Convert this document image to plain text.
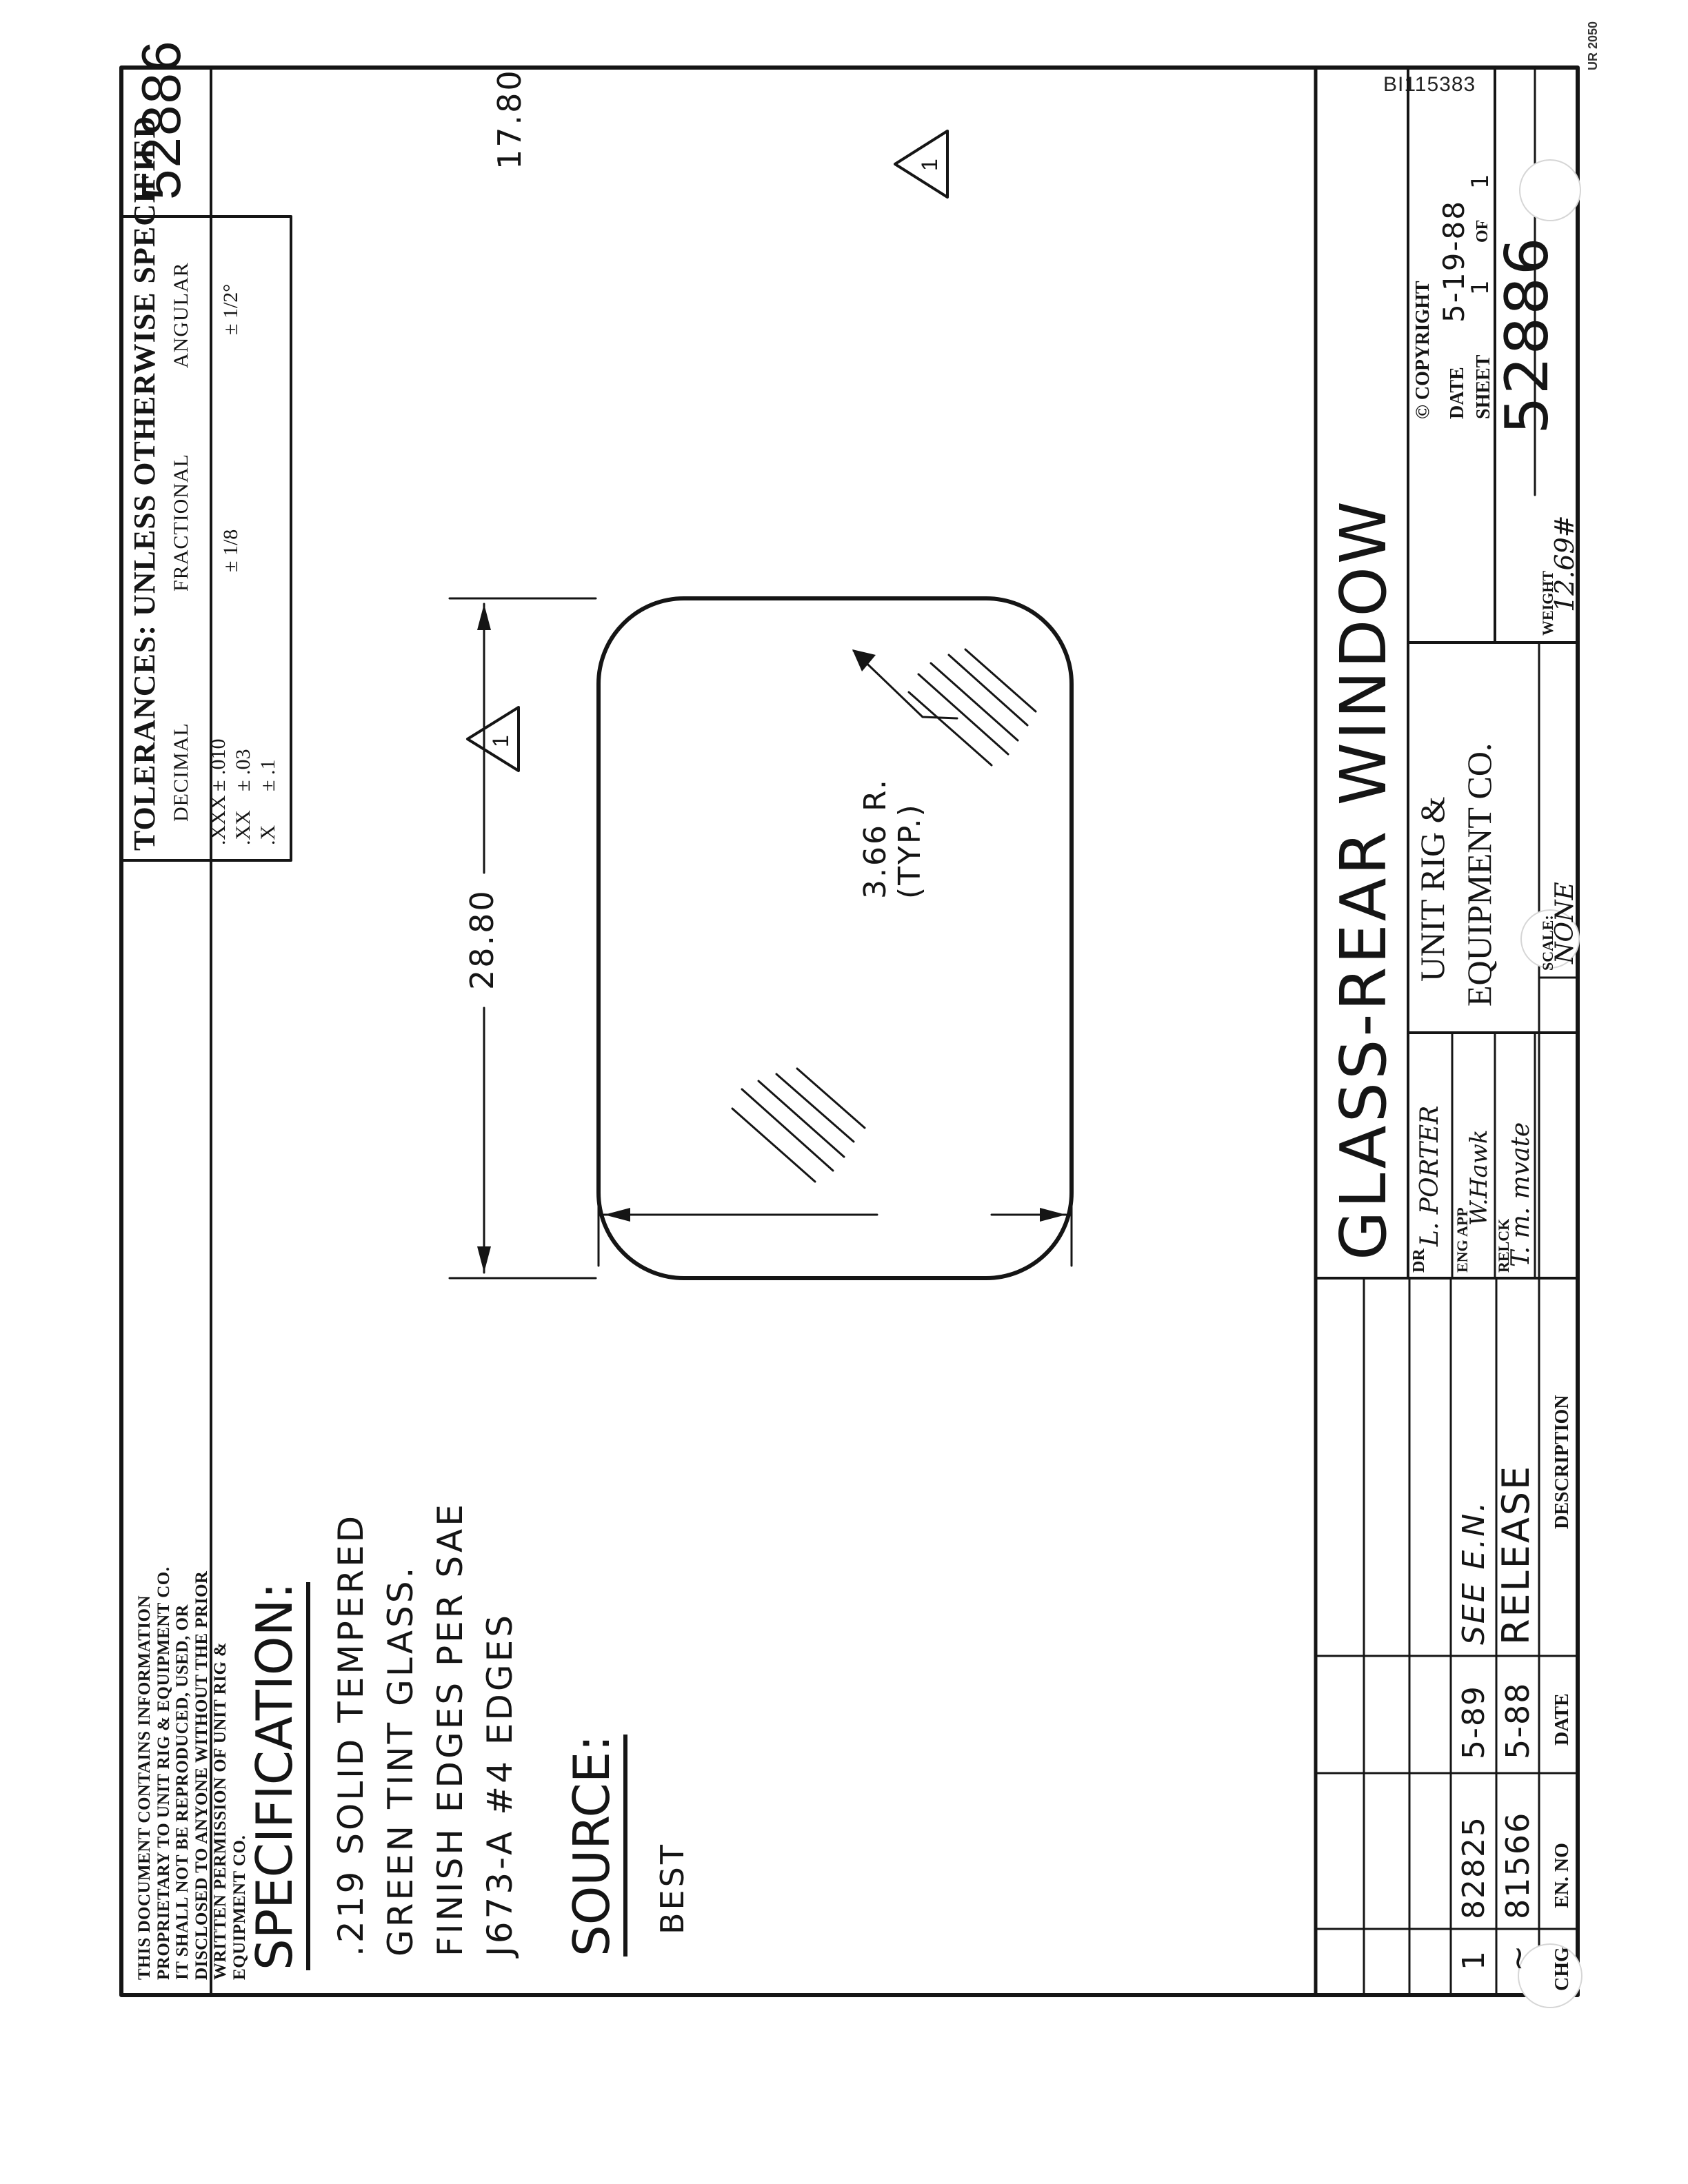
BI115383
UR 2050
THIS DOCUMENT CONTAINS INFORMATION PROPRIETARY TO UNIT RIG & EQUIPMENT CO. IT SHALL NOT BE REPRODUCED, USED, OR DISCLOSED TO ANYONE WITHOUT THE PRIOR WRITTEN PERMISSION OF UNIT RIG & EQUIPMENT CO.
TOLERANCES: UNLESS OTHERWISE SPECIFIED DECIMAL
FRACTIONAL
ANGULAR
.XXX
± .010
.XX
± .03
.X
± .1
± 1/8
± 1/2°
52886
SPECIFICATION: .219 SOLID TEMPERED GREEN TINT GLASS. FINISH EDGES PER SAE J673-A #4 EDGES SOURCE: BEST
28.80
17.80
3.66 R. (TYP.)
1
1
CHG
EN. NO
DATE
DESCRIPTION
~
81566
5-88
RELEASE
1
82825
5-89
SEE E.N.
GLASS-REAR WINDOW
DR
L. PORTER ENG APP
W.Hawk
RELCK
T. m. mvate
UNIT RIG & EQUIPMENT CO.	SCALE:
NONE
WEIGHT
12.69#
© COPYRIGHT DATE
5-19-88
SHEET
1
OF
1
52886
